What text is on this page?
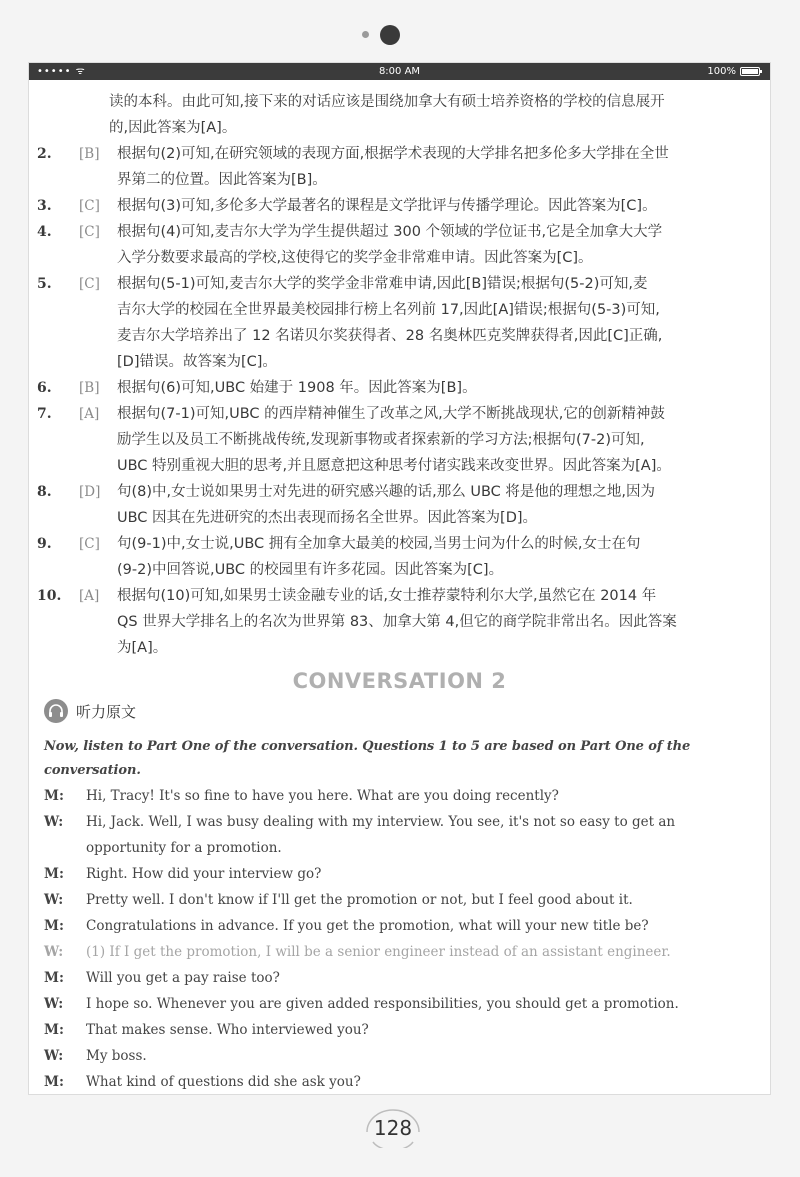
••••• ᯤ	8:00 AM	100%
读的本科。由此可知,接下来的对话应该是围绕加拿大有硕士培养资格的学校的信息展开
的,因此答案为[A]。
2.	[B]	根据句(2)可知,在研究领域的表现方面,根据学术表现的大学排名把多伦多大学排在全世
界第二的位置。因此答案为[B]。
3.	[C]	根据句(3)可知,多伦多大学最著名的课程是文学批评与传播学理论。因此答案为[C]。
4.	[C]	根据句(4)可知,麦吉尔大学为学生提供超过 300 个领域的学位证书,它是全加拿大大学
入学分数要求最高的学校,这使得它的奖学金非常难申请。因此答案为[C]。
5.	[C]	根据句(5-1)可知,麦吉尔大学的奖学金非常难申请,因此[B]错误;根据句(5-2)可知,麦
吉尔大学的校园在全世界最美校园排行榜上名列前 17,因此[A]错误;根据句(5-3)可知,
麦吉尔大学培养出了 12 名诺贝尔奖获得者、28 名奥林匹克奖牌获得者,因此[C]正确,
[D]错误。故答案为[C]。
6.	[B]	根据句(6)可知,UBC 始建于 1908 年。因此答案为[B]。
7.	[A]	根据句(7-1)可知,UBC 的西岸精神催生了改革之风,大学不断挑战现状,它的创新精神鼓
励学生以及员工不断挑战传统,发现新事物或者探索新的学习方法;根据句(7-2)可知,
UBC 特别重视大胆的思考,并且愿意把这种思考付诸实践来改变世界。因此答案为[A]。
8.	[D]	句(8)中,女士说如果男士对先进的研究感兴趣的话,那么 UBC 将是他的理想之地,因为
UBC 因其在先进研究的杰出表现而扬名全世界。因此答案为[D]。
9.	[C]	句(9-1)中,女士说,UBC 拥有全加拿大最美的校园,当男士问为什么的时候,女士在句
(9-2)中回答说,UBC 的校园里有许多花园。因此答案为[C]。
10.	[A]	根据句(10)可知,如果男士读金融专业的话,女士推荐蒙特利尔大学,虽然它在 2014 年
QS 世界大学排名上的名次为世界第 83、加拿大第 4,但它的商学院非常出名。因此答案
为[A]。
CONVERSATION 2
听力原文
Now, listen to Part One of the conversation. Questions 1 to 5 are based on Part One of the conversation.
M:	Hi, Tracy! It's so fine to have you here. What are you doing recently?
W:	Hi, Jack. Well, I was busy dealing with my interview. You see, it's not so easy to get an
opportunity for a promotion.
M:	Right. How did your interview go?
W:	Pretty well. I don't know if I'll get the promotion or not, but I feel good about it.
M:	Congratulations in advance. If you get the promotion, what will your new title be?
W:	(1) If I get the promotion, I will be a senior engineer instead of an assistant engineer.
M:	Will you get a pay raise too?
W:	I hope so. Whenever you are given added responsibilities, you should get a promotion.
M:	That makes sense. Who interviewed you?
W:	My boss.
M:	What kind of questions did she ask you?
128
